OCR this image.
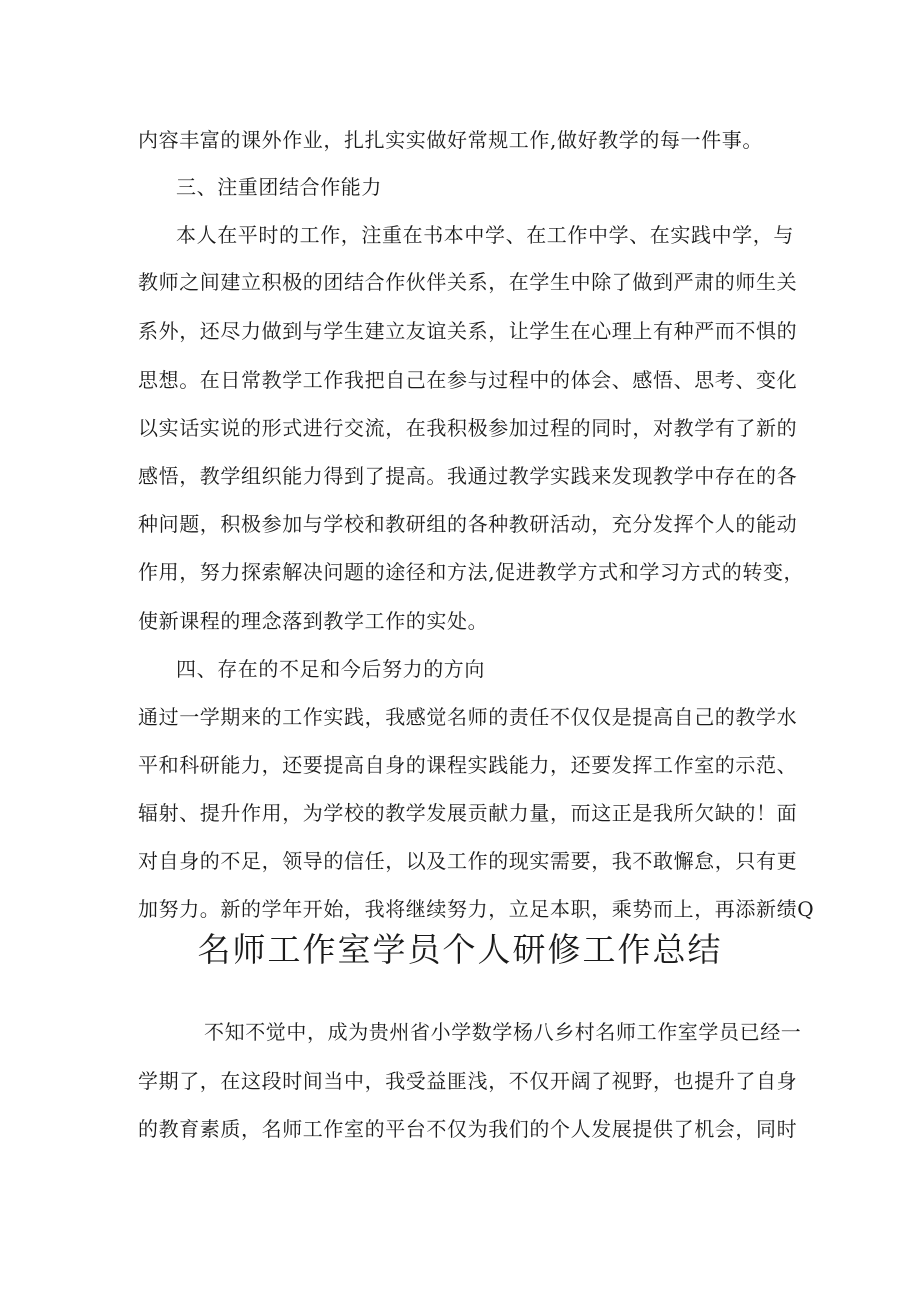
内容丰富的课外作业，扎扎实实做好常规工作,做好教学的每一件事。
三、注重团结合作能力
本人在平时的工作，注重在书本中学、在工作中学、在实践中学，与
教师之间建立积极的团结合作伙伴关系，在学生中除了做到严肃的师生关
系外，还尽力做到与学生建立友谊关系，让学生在心理上有种严而不惧的
思想。在日常教学工作我把自己在参与过程中的体会、感悟、思考、变化
以实话实说的形式进行交流，在我积极参加过程的同时，对教学有了新的
感悟，教学组织能力得到了提高。我通过教学实践来发现教学中存在的各
种问题，积极参加与学校和教研组的各种教研活动，充分发挥个人的能动
作用，努力探索解决问题的途径和方法,促进教学方式和学习方式的转变，
使新课程的理念落到教学工作的实处。
四、存在的不足和今后努力的方向
通过一学期来的工作实践，我感觉名师的责任不仅仅是提高自己的教学水
平和科研能力，还要提高自身的课程实践能力，还要发挥工作室的示范、
辐射、提升作用，为学校的教学发展贡献力量，而这正是我所欠缺的！面
对自身的不足，领导的信任，以及工作的现实需要，我不敢懈怠，只有更
加努力。新的学年开始，我将继续努力，立足本职，乘势而上，再添新绩Q
名师工作室学员个人研修工作总结
不知不觉中，成为贵州省小学数学杨八乡村名师工作室学员已经一
学期了，在这段时间当中，我受益匪浅，不仅开阔了视野，也提升了自身
的教育素质，名师工作室的平台不仅为我们的个人发展提供了机会，同时
